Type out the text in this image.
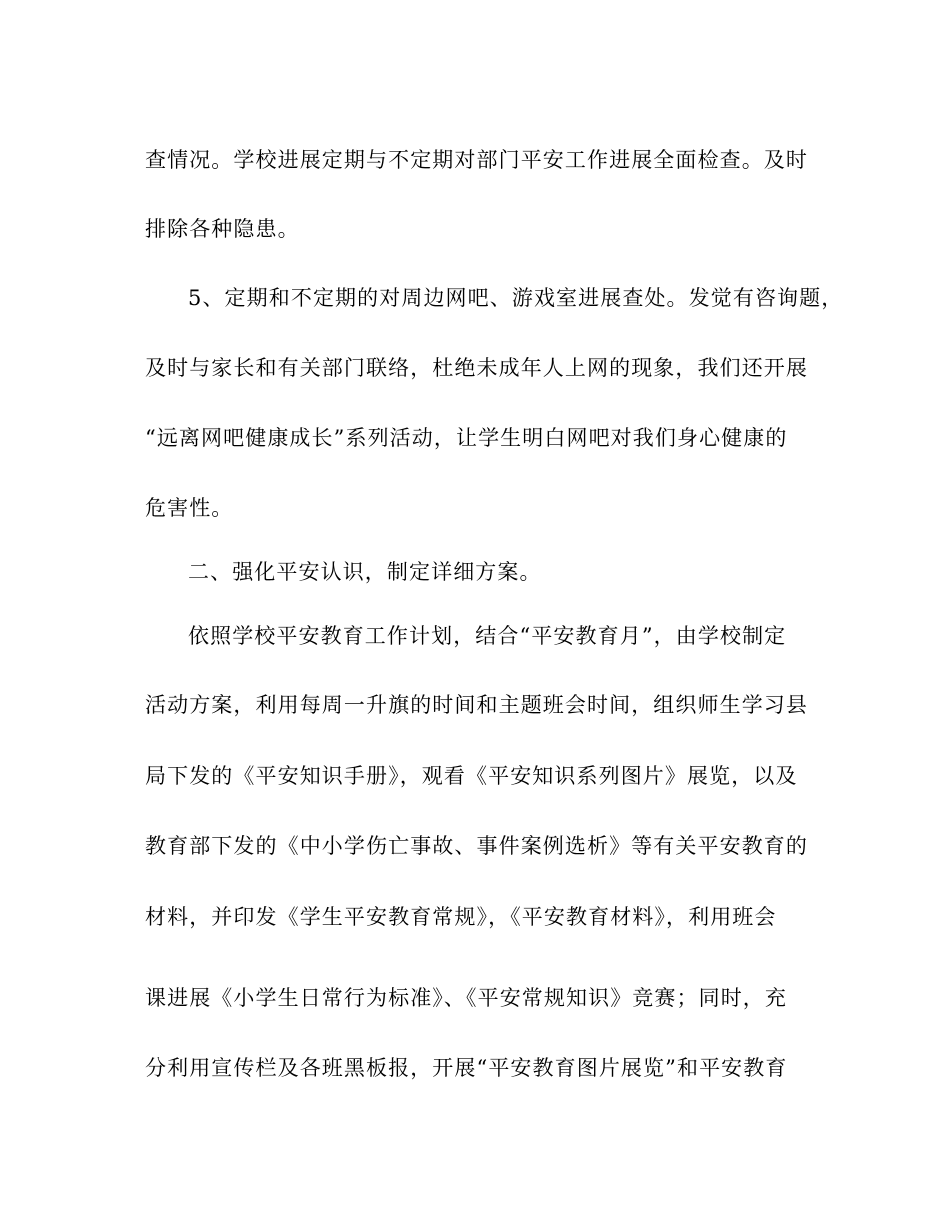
查情况。学校进展定期与不定期对部门平安工作进展全面检查。及时
排除各种隐患。
5、定期和不定期的对周边网吧、游戏室进展查处。发觉有咨询题，
及时与家长和有关部门联络，杜绝未成年人上网的现象，我们还开展
“远离网吧健康成长”系列活动，让学生明白网吧对我们身心健康的
危害性。
二、强化平安认识，制定详细方案。
依照学校平安教育工作计划，结合“平安教育月”，由学校制定
活动方案，利用每周一升旗的时间和主题班会时间，组织师生学习县
局下发的《平安知识手册》，观看《平安知识系列图片》展览，以及
教育部下发的《中小学伤亡事故、事件案例选析》等有关平安教育的
材料，并印发《学生平安教育常规》，《平安教育材料》，利用班会
课进展《小学生日常行为标准》、《平安常规知识》竞赛；同时，充
分利用宣传栏及各班黑板报，开展“平安教育图片展览”和平安教育
